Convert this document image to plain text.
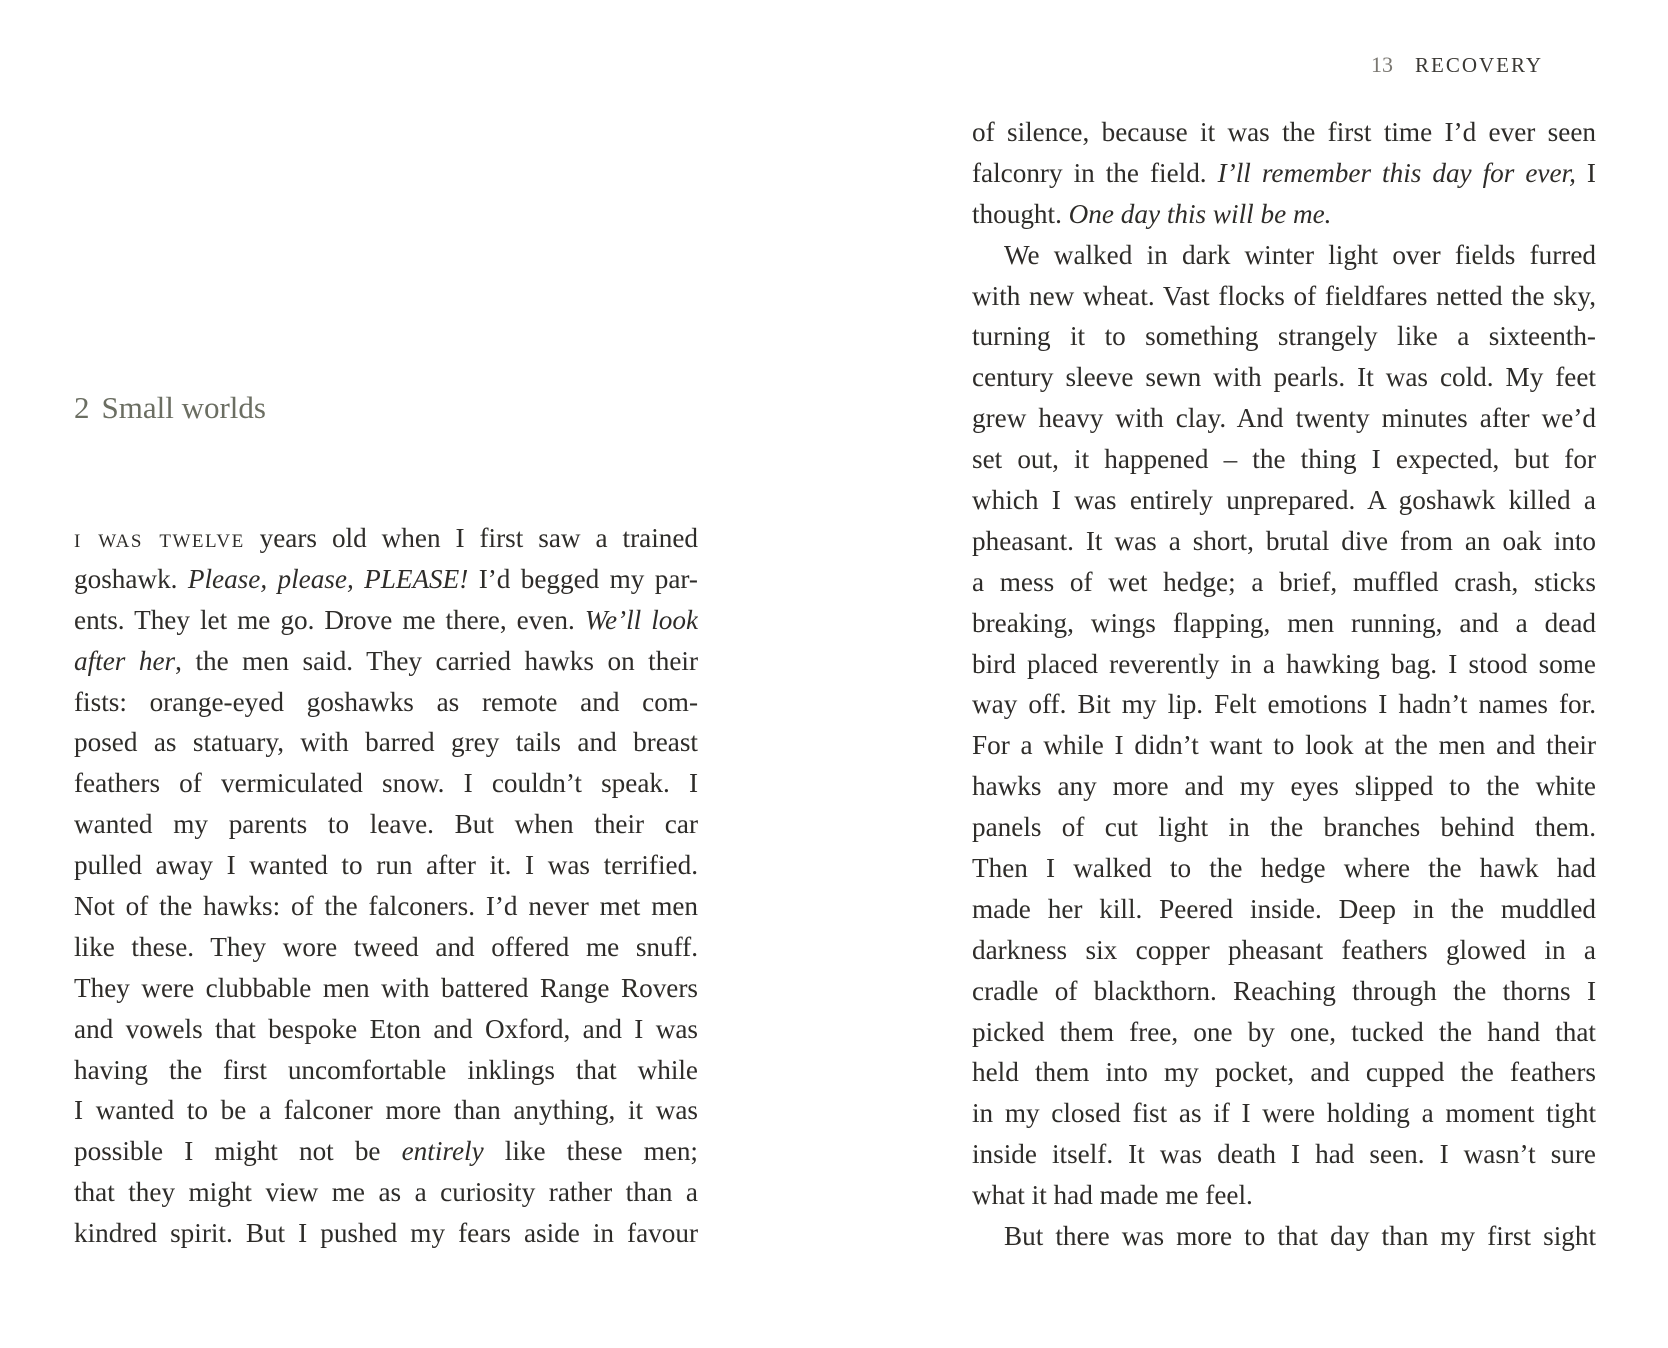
2 Small worlds
i was twelve years old when I first saw a trained
goshawk. Please, please, PLEASE! I’d begged my par-
ents. They let me go. Drove me there, even. We’ll look
after her, the men said. They carried hawks on their
fists: orange-eyed goshawks as remote and com-
posed as statuary, with barred grey tails and breast
feathers of vermiculated snow. I couldn’t speak. I
wanted my parents to leave. But when their car
pulled away I wanted to run after it. I was terrified.
Not of the hawks: of the falconers. I’d never met men
like these. They wore tweed and offered me snuff.
They were clubbable men with battered Range Rovers
and vowels that bespoke Eton and Oxford, and I was
having the first uncomfortable inklings that while
I wanted to be a falconer more than anything, it was
possible I might not be entirely like these men;
that they might view me as a curiosity rather than a
kindred spirit. But I pushed my fears aside in favour
13 RECOVERY
of silence, because it was the first time I’d ever seen
falconry in the field. I’ll remember this day for ever, I
thought. One day this will be me.
We walked in dark winter light over fields furred
with new wheat. Vast flocks of fieldfares netted the sky,
turning it to something strangely like a sixteenth-
century sleeve sewn with pearls. It was cold. My feet
grew heavy with clay. And twenty minutes after we’d
set out, it happened – the thing I expected, but for
which I was entirely unprepared. A goshawk killed a
pheasant. It was a short, brutal dive from an oak into
a mess of wet hedge; a brief, muffled crash, sticks
breaking, wings flapping, men running, and a dead
bird placed reverently in a hawking bag. I stood some
way off. Bit my lip. Felt emotions I hadn’t names for.
For a while I didn’t want to look at the men and their
hawks any more and my eyes slipped to the white
panels of cut light in the branches behind them.
Then I walked to the hedge where the hawk had
made her kill. Peered inside. Deep in the muddled
darkness six copper pheasant feathers glowed in a
cradle of blackthorn. Reaching through the thorns I
picked them free, one by one, tucked the hand that
held them into my pocket, and cupped the feathers
in my closed fist as if I were holding a moment tight
inside itself. It was death I had seen. I wasn’t sure
what it had made me feel.
But there was more to that day than my first sight
